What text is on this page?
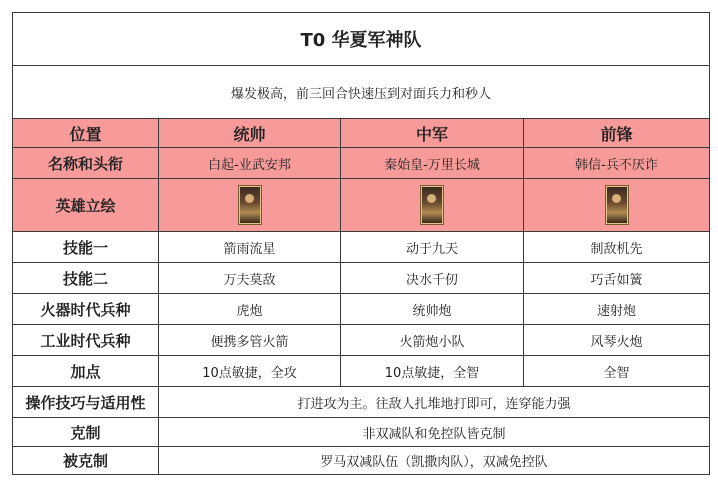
T0 华夏军神队			
爆发极高，前三回合快速压到对面兵力和秒人			
位置	统帅	中军	前锋
名称和头衔	白起-业武安邦	秦始皇-万里长城	韩信-兵不厌诈
英雄立绘			
技能一	箭雨流星	动于九天	制敌机先
技能二	万夫莫敌	决水千仞	巧舌如簧
火器时代兵种	虎炮	统帅炮	速射炮
工业时代兵种	便携多管火箭	火箭炮小队	风琴火炮
加点	10点敏捷，全攻	10点敏捷，全智	全智
操作技巧与适用性	打进攻为主。往敌人扎堆地打即可，连穿能力强		
克制	非双减队和免控队皆克制		
被克制	罗马双减队伍（凯撒肉队），双减免控队		
